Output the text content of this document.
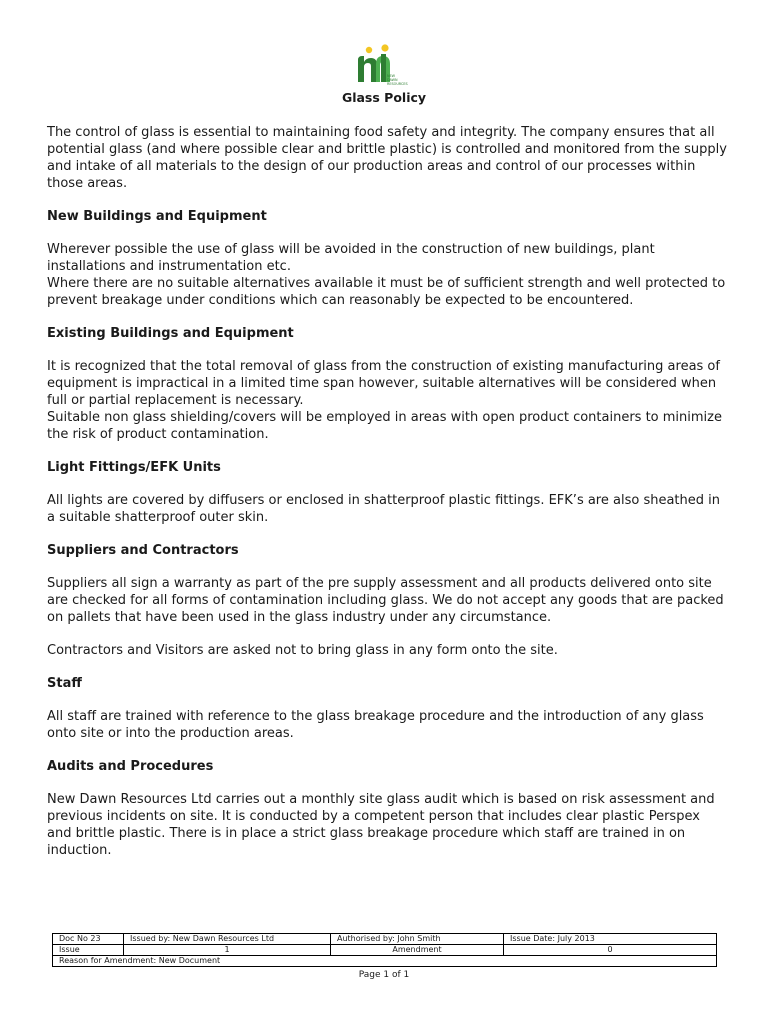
NEW
DAWN
RESOURCES
Glass Policy

The control of glass is essential to maintaining food safety and integrity. The company ensures that all potential glass (and where possible clear and brittle plastic) is controlled and monitored from the supply and intake of all materials to the design of our production areas and control of our processes within those areas.

New Buildings and Equipment

Wherever possible the use of glass will be avoided in the construction of new buildings, plant installations and instrumentation etc.
Where there are no suitable alternatives available it must be of sufficient strength and well protected to prevent breakage under conditions which can reasonably be expected to be encountered.

Existing Buildings and Equipment

It is recognized that the total removal of glass from the construction of existing manufacturing areas of equipment is impractical in a limited time span however, suitable alternatives will be considered when full or partial replacement is necessary.
Suitable non glass shielding/covers will be employed in areas with open product containers to minimize the risk of product contamination.

Light Fittings/EFK Units

All lights are covered by diffusers or enclosed in shatterproof plastic fittings. EFK’s are also sheathed in a suitable shatterproof outer skin.

Suppliers and Contractors

Suppliers all sign a warranty as part of the pre supply assessment and all products delivered onto site are checked for all forms of contamination including glass. We do not accept any goods that are packed on pallets that have been used in the glass industry under any circumstance.

Contractors and Visitors are asked not to bring glass in any form onto the site.

Staff

All staff are trained with reference to the glass breakage procedure and the introduction of any glass onto site or into the production areas.

Audits and Procedures

New Dawn Resources Ltd carries out a monthly site glass audit which is based on risk assessment and previous incidents on site. It is conducted by a competent person that includes clear plastic Perspex and brittle plastic. There is in place a strict glass breakage procedure which staff are trained in on induction.

Doc No 23	Issued by: New Dawn Resources Ltd	Authorised by: John Smith	Issue Date: July 2013
Issue	1	Amendment	0
Reason for Amendment: New Document			
Page 1 of 1
